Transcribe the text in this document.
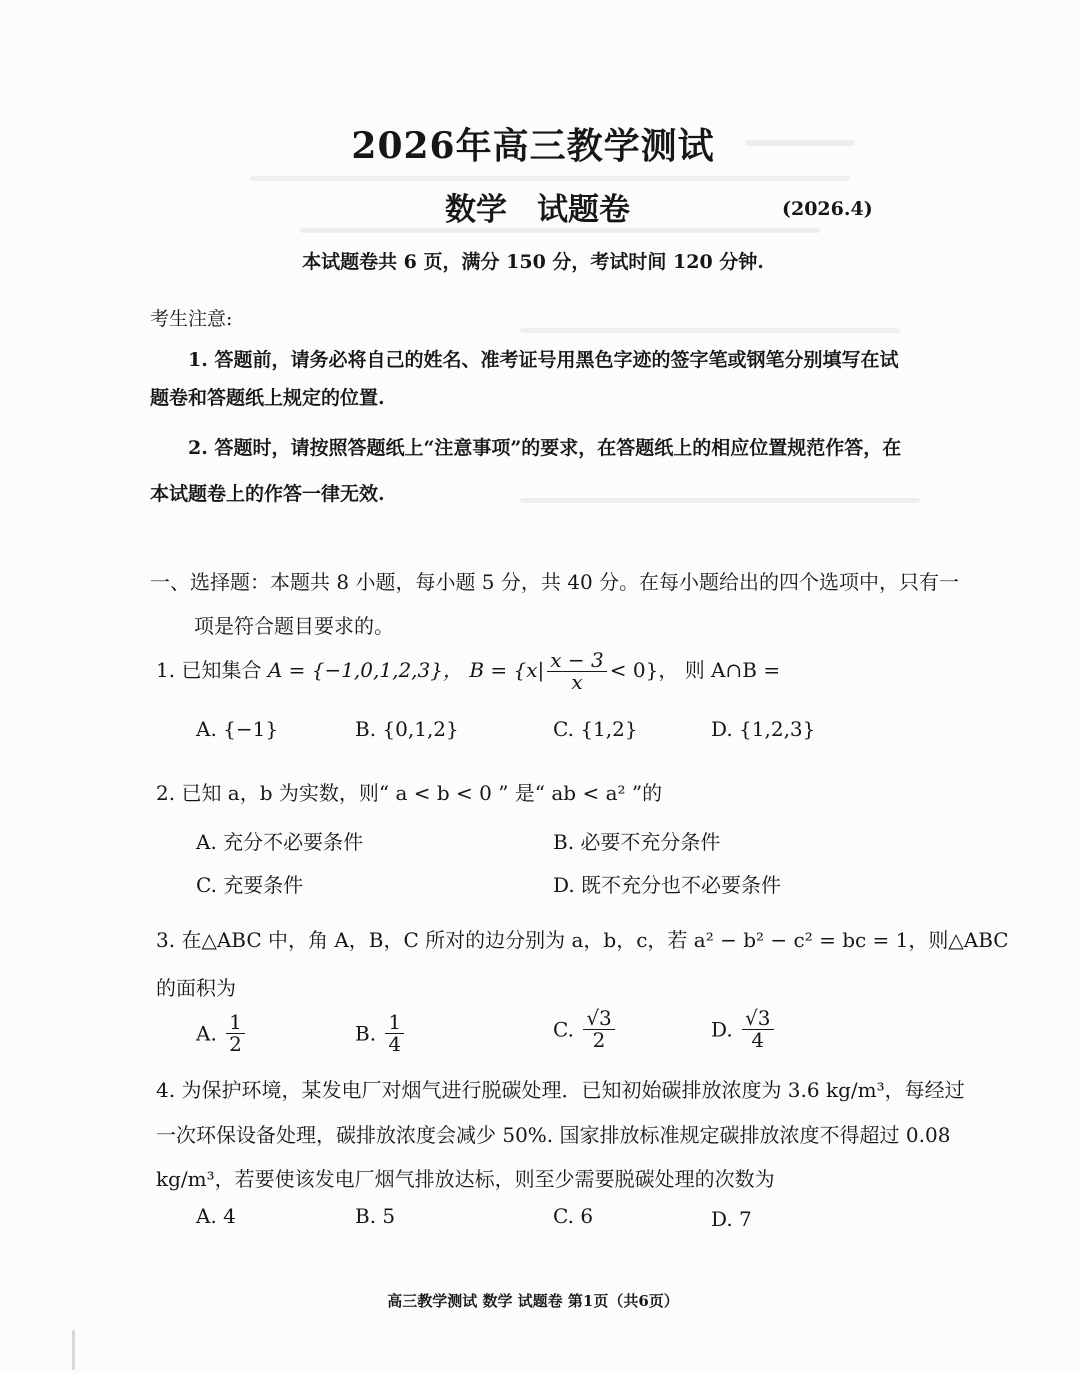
2026年高三教学测试
数学 试题卷	(2026.4)
本试题卷共 6 页，满分 150 分，考试时间 120 分钟.
考生注意:
1. 答题前，请务必将自己的姓名、准考证号用黑色字迹的签字笔或钢笔分别填写在试
题卷和答题纸上规定的位置.
2. 答题时，请按照答题纸上“注意事项”的要求，在答题纸上的相应位置规范作答，在
本试题卷上的作答一律无效.
一、选择题：本题共 8 小题，每小题 5 分，共 40 分。在每小题给出的四个选项中，只有一
项是符合题目要求的。
1. 已知集合 A = {−1,0,1,2,3}， $B = \{x| \frac{x - 3}{x} < 0\}$， 则 A∩B =
A. {−1}	B. {0,1,2}	C. {1,2}	D. {1,2,3}
2. 已知 a，b 为实数，则“ a < b < 0 ” 是“ ab < a² ”的
A. 充分不必要条件	B. 必要不充分条件
C. 充要条件	D. 既不充分也不必要条件
3. 在△ABC 中，角 A，B，C 所对的边分别为 a，b，c，若 a² − b² − c² = bc = 1，则△ABC
的面积为
A. $\frac{1}{2}$	B. $\frac{1}{4}$	C. $\frac{√3}{2}$	D. $\frac{√3}{4}$
4. 为保护环境，某发电厂对烟气进行脱碳处理．已知初始碳排放浓度为 3.6 kg/m³，每经过
一次环保设备处理，碳排放浓度会减少 50%. 国家排放标准规定碳排放浓度不得超过 0.08
kg/m³，若要使该发电厂烟气排放达标，则至少需要脱碳处理的次数为
A. 4	B. 5	C. 6	D. 7
高三教学测试 数学 试题卷 第1页（共6页）
